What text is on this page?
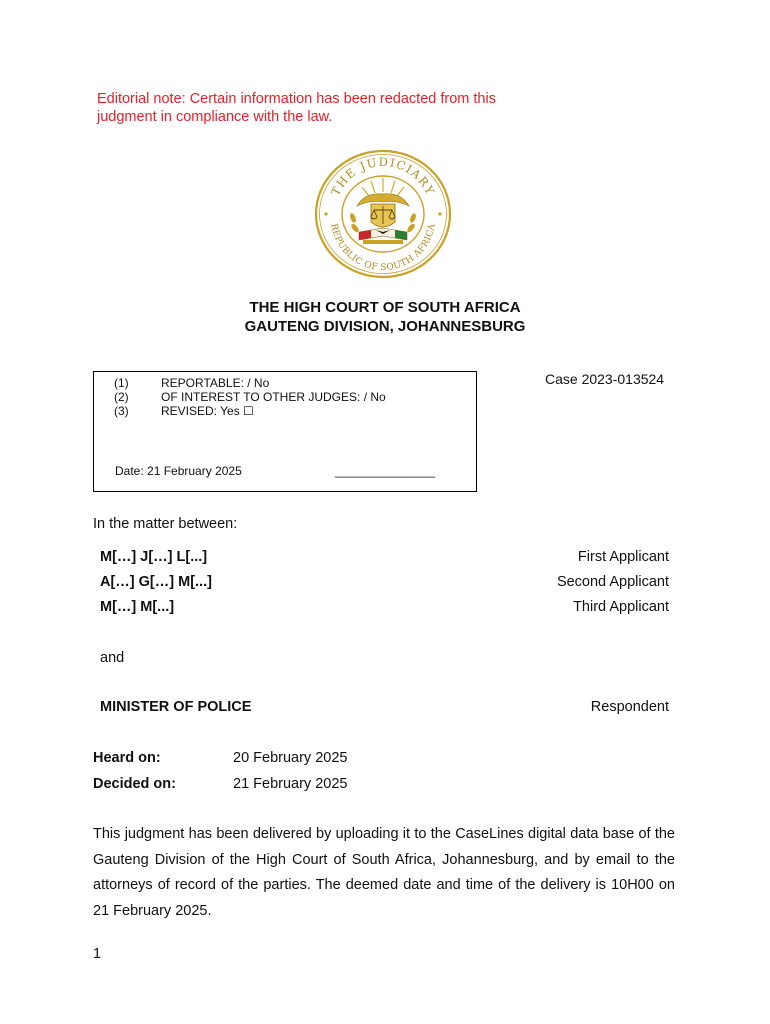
Editorial note: Certain information has been redacted from this judgment in compliance with the law.
THE JUDICIARY
REPUBLIC OF SOUTH AFRICA
THE HIGH COURT OF SOUTH AFRICA
GAUTENG DIVISION, JOHANNESBURG
(1)	REPORTABLE: / No
(2)	OF INTEREST TO OTHER JUDGES: / No
(3)	REVISED: Yes ☐
Date: 21 February 2025	_______________
Case 2023-013524
In the matter between:
M[…] J[…] L[...]	First Applicant
A[…] G[…] M[...]	Second Applicant
M[…] M[...]	Third Applicant
and
MINISTER OF POLICE	Respondent
Heard on:	20 February 2025
Decided on:	21 February 2025
This judgment has been delivered by uploading it to the CaseLines digital data base of the Gauteng Division of the High Court of South Africa, Johannesburg, and by email to the attorneys of record of the parties. The deemed date and time of the delivery is 10H00 on 21 February 2025.
1
